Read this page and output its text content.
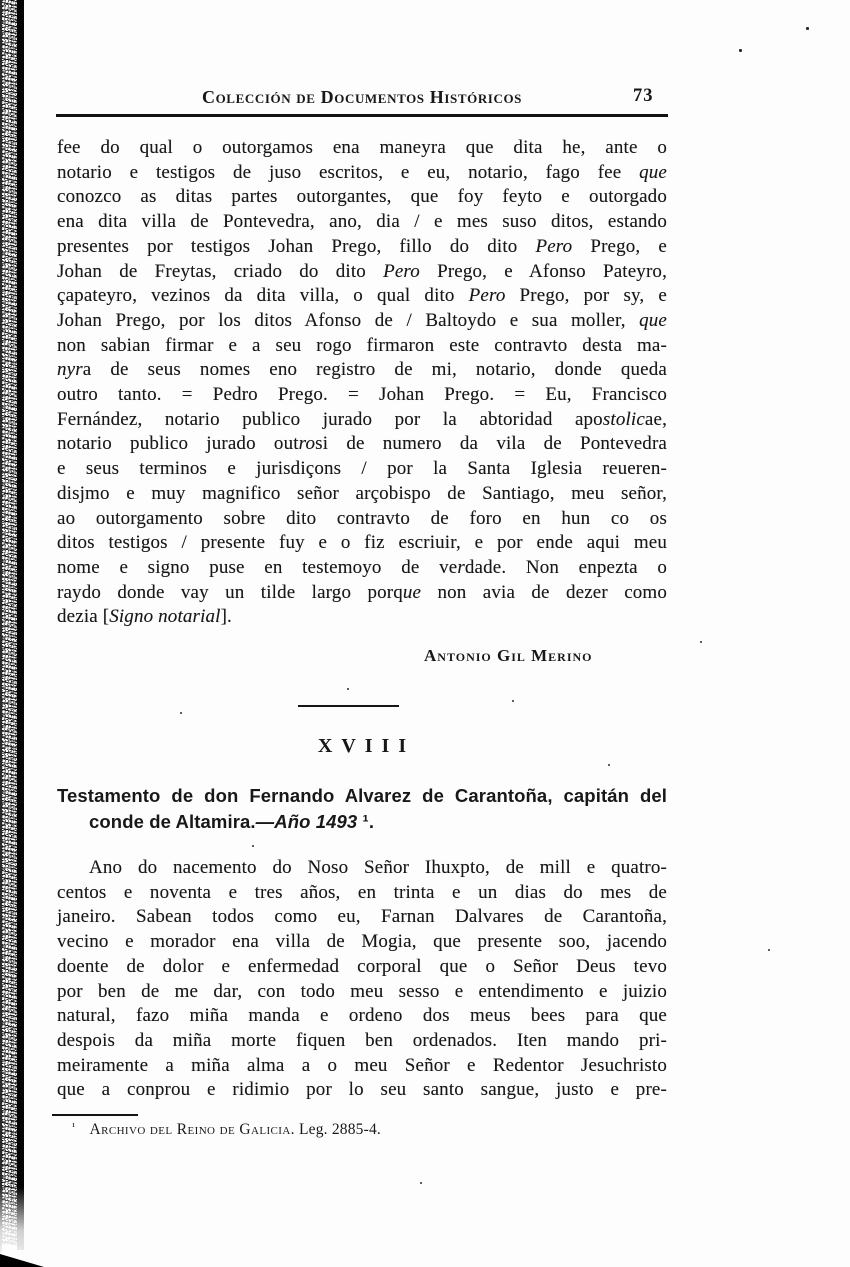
Colección de Documentos Históricos	73
fee do qual o outorgamos ena maneyra que dita he, ante o
notario e testigos de juso escritos, e eu, notario, fago fee que
conozco as ditas partes outorgantes, que foy feyto e outorgado
ena dita villa de Pontevedra, ano, dia / e mes suso ditos, estando
presentes por testigos Johan Prego, fillo do dito Pero Prego, e
Johan de Freytas, criado do dito Pero Prego, e Afonso Pateyro,
çapateyro, vezinos da dita villa, o qual dito Pero Prego, por sy, e
Johan Prego, por los ditos Afonso de / Baltoydo e sua moller, que
non sabian firmar e a seu rogo firmaron este contravto desta ma-
nyra de seus nomes eno registro de mi, notario, donde queda
outro tanto. = Pedro Prego. = Johan Prego. = Eu, Francisco
Fernández, notario publico jurado por la abtoridad apostolicae,
notario publico jurado outrosi de numero da vila de Pontevedra
e seus terminos e jurisdiçons / por la Santa Iglesia reueren-
disjmo e muy magnifico señor arçobispo de Santiago, meu señor,
ao outorgamento sobre dito contravto de foro en hun co os
ditos testigos / presente fuy e o fiz escriuir, e por ende aqui meu
nome e signo puse en testemoyo de verdade. Non enpezta o
raydo donde vay un tilde largo porque non avia de dezer como
dezia [Signo notarial].
Antonio Gil Merino
XVIII
Testamento de don Fernando Alvarez de Carantoña, capitán del
conde de Altamira.—Año 1493 ¹.
Ano do nacemento do Noso Señor Ihuxpto, de mill e quatro-
centos e noventa e tres años, en trinta e un dias do mes de
janeiro. Sabean todos como eu, Farnan Dalvares de Carantoña,
vecino e morador ena villa de Mogia, que presente soo, jacendo
doente de dolor e enfermedad corporal que o Señor Deus tevo
por ben de me dar, con todo meu sesso e entendimento e juizio
natural, fazo miña manda e ordeno dos meus bees para que
despois da miña morte fiquen ben ordenados. Iten mando pri-
meiramente a miña alma a o meu Señor e Redentor Jesuchristo
que a conprou e ridimio por lo seu santo sangue, justo e pre-
$^{^1}$ Archivo del Reino de Galicia. Leg. 2885-4.
